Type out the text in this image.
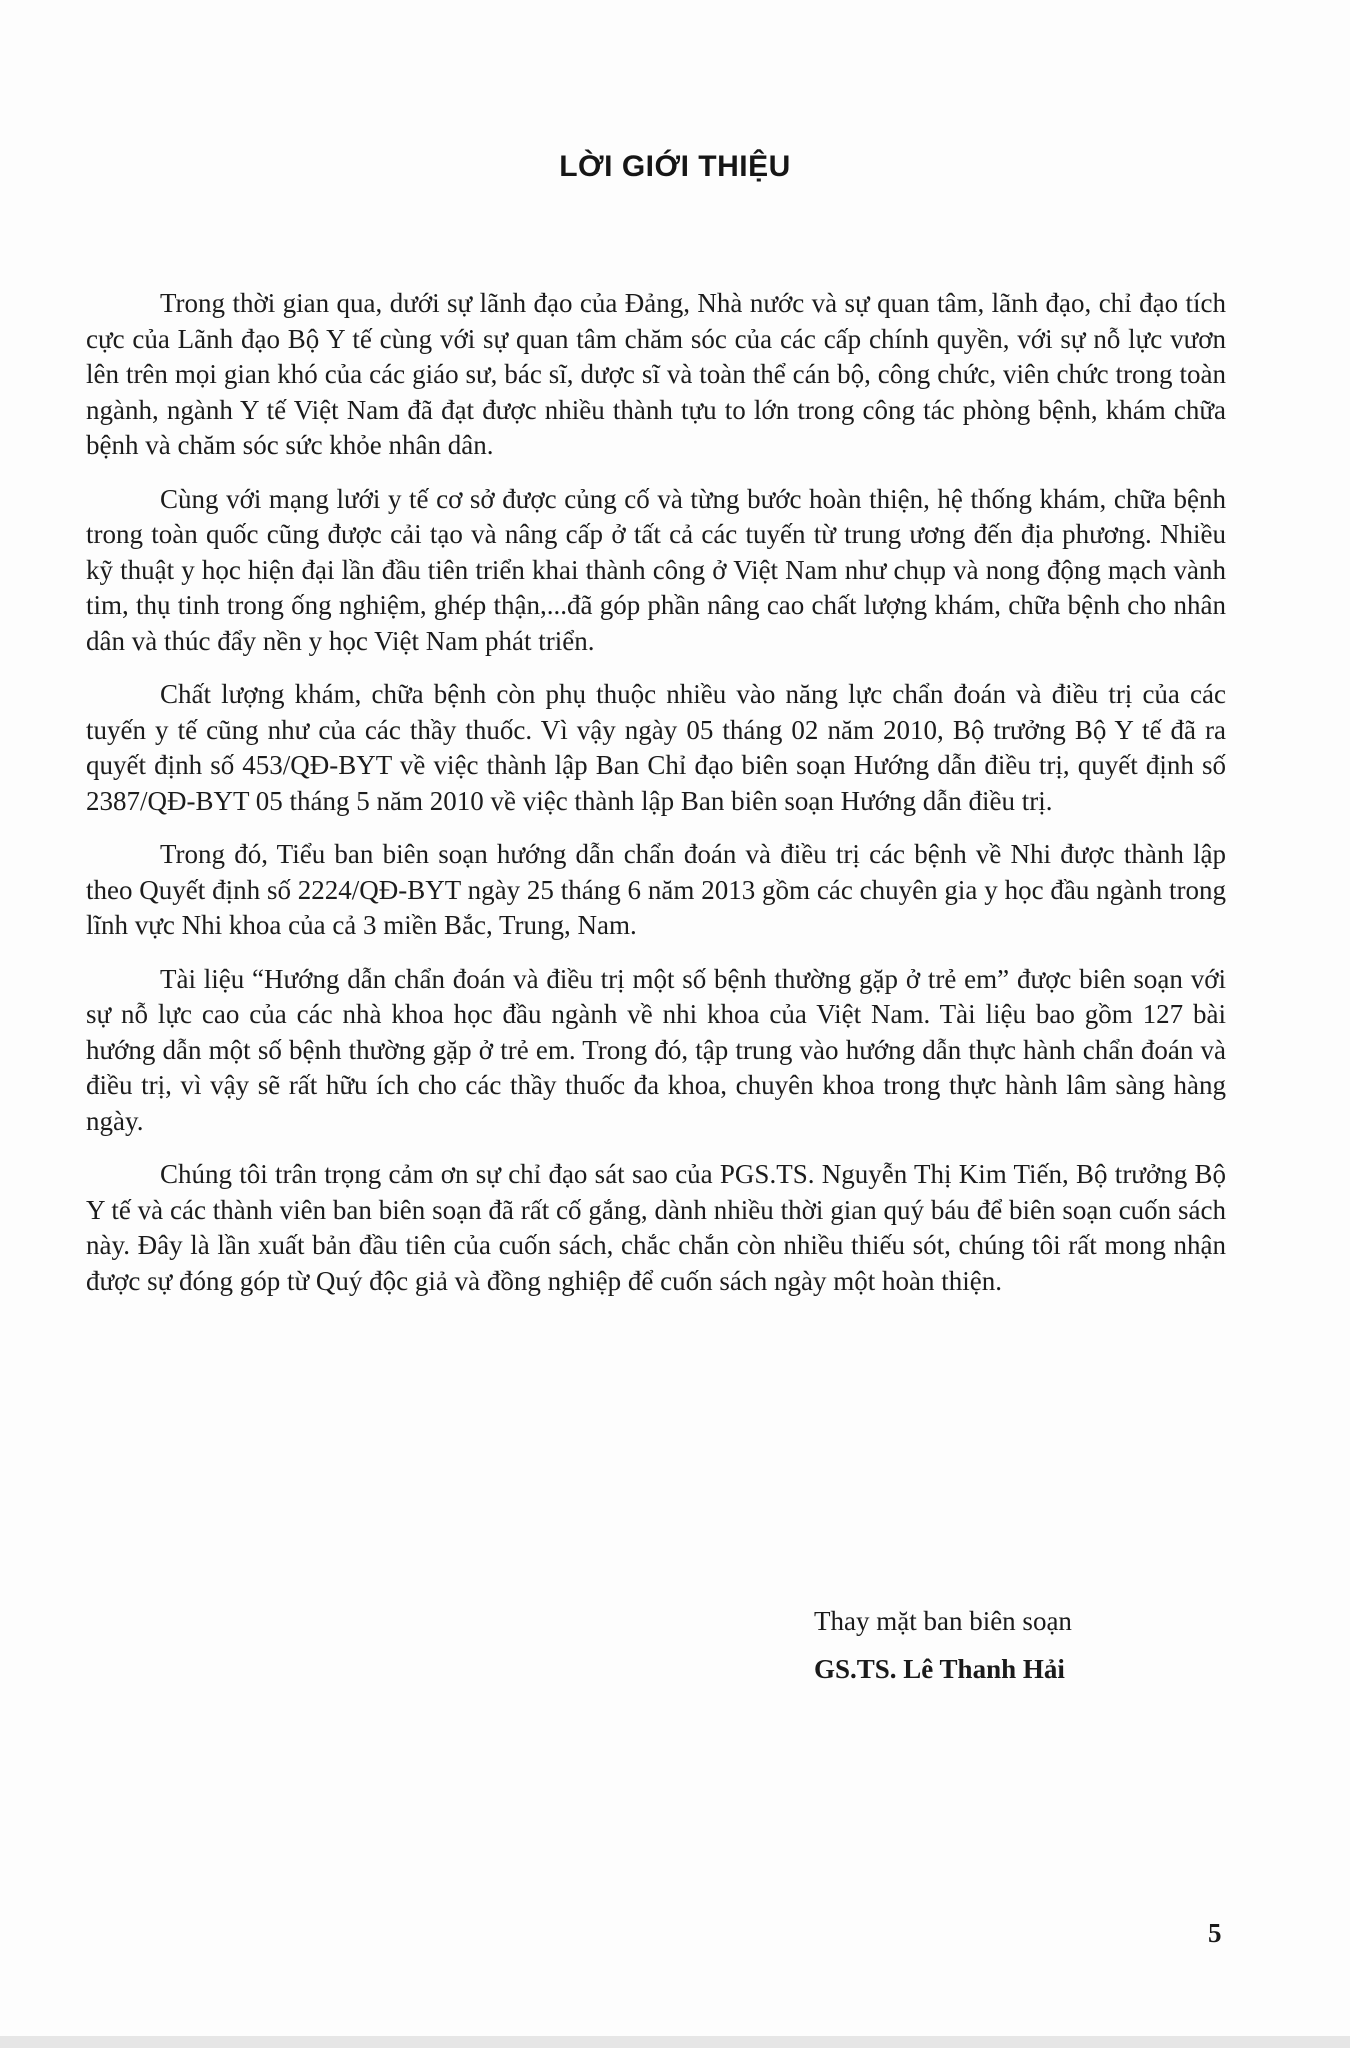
LỜI GIỚI THIỆU

Trong thời gian qua, dưới sự lãnh đạo của Đảng, Nhà nước và sự quan tâm, lãnh đạo, chỉ đạo tích cực của Lãnh đạo Bộ Y tế cùng với sự quan tâm chăm sóc của các cấp chính quyền, với sự nỗ lực vươn lên trên mọi gian khó của các giáo sư, bác sĩ, dược sĩ và toàn thể cán bộ, công chức, viên chức trong toàn ngành, ngành Y tế Việt Nam đã đạt được nhiều thành tựu to lớn trong công tác phòng bệnh, khám chữa bệnh và chăm sóc sức khỏe nhân dân.

Cùng với mạng lưới y tế cơ sở được củng cố và từng bước hoàn thiện, hệ thống khám, chữa bệnh trong toàn quốc cũng được cải tạo và nâng cấp ở tất cả các tuyến từ trung ương đến địa phương. Nhiều kỹ thuật y học hiện đại lần đầu tiên triển khai thành công ở Việt Nam như chụp và nong động mạch vành tim, thụ tinh trong ống nghiệm, ghép thận,...đã góp phần nâng cao chất lượng khám, chữa bệnh cho nhân dân và thúc đẩy nền y học Việt Nam phát triển.

Chất lượng khám, chữa bệnh còn phụ thuộc nhiều vào năng lực chẩn đoán và điều trị của các tuyến y tế cũng như của các thầy thuốc. Vì vậy ngày 05 tháng 02 năm 2010, Bộ trưởng Bộ Y tế đã ra quyết định số 453/QĐ-BYT về việc thành lập Ban Chỉ đạo biên soạn Hướng dẫn điều trị, quyết định số 2387/QĐ-BYT 05 tháng 5 năm 2010 về việc thành lập Ban biên soạn Hướng dẫn điều trị.

Trong đó, Tiểu ban biên soạn hướng dẫn chẩn đoán và điều trị các bệnh về Nhi được thành lập theo Quyết định số 2224/QĐ-BYT ngày 25 tháng 6 năm 2013 gồm các chuyên gia y học đầu ngành trong lĩnh vực Nhi khoa của cả 3 miền Bắc, Trung, Nam.

Tài liệu “Hướng dẫn chẩn đoán và điều trị một số bệnh thường gặp ở trẻ em” được biên soạn với sự nỗ lực cao của các nhà khoa học đầu ngành về nhi khoa của Việt Nam. Tài liệu bao gồm 127 bài hướng dẫn một số bệnh thường gặp ở trẻ em. Trong đó, tập trung vào hướng dẫn thực hành chẩn đoán và điều trị, vì vậy sẽ rất hữu ích cho các thầy thuốc đa khoa, chuyên khoa trong thực hành lâm sàng hàng ngày.

Chúng tôi trân trọng cảm ơn sự chỉ đạo sát sao của PGS.TS. Nguyễn Thị Kim Tiến, Bộ trưởng Bộ Y tế và các thành viên ban biên soạn đã rất cố gắng, dành nhiều thời gian quý báu để biên soạn cuốn sách này. Đây là lần xuất bản đầu tiên của cuốn sách, chắc chắn còn nhiều thiếu sót, chúng tôi rất mong nhận được sự đóng góp từ Quý độc giả và đồng nghiệp để cuốn sách ngày một hoàn thiện.

Thay mặt ban biên soạn

GS.TS. Lê Thanh Hải

5
